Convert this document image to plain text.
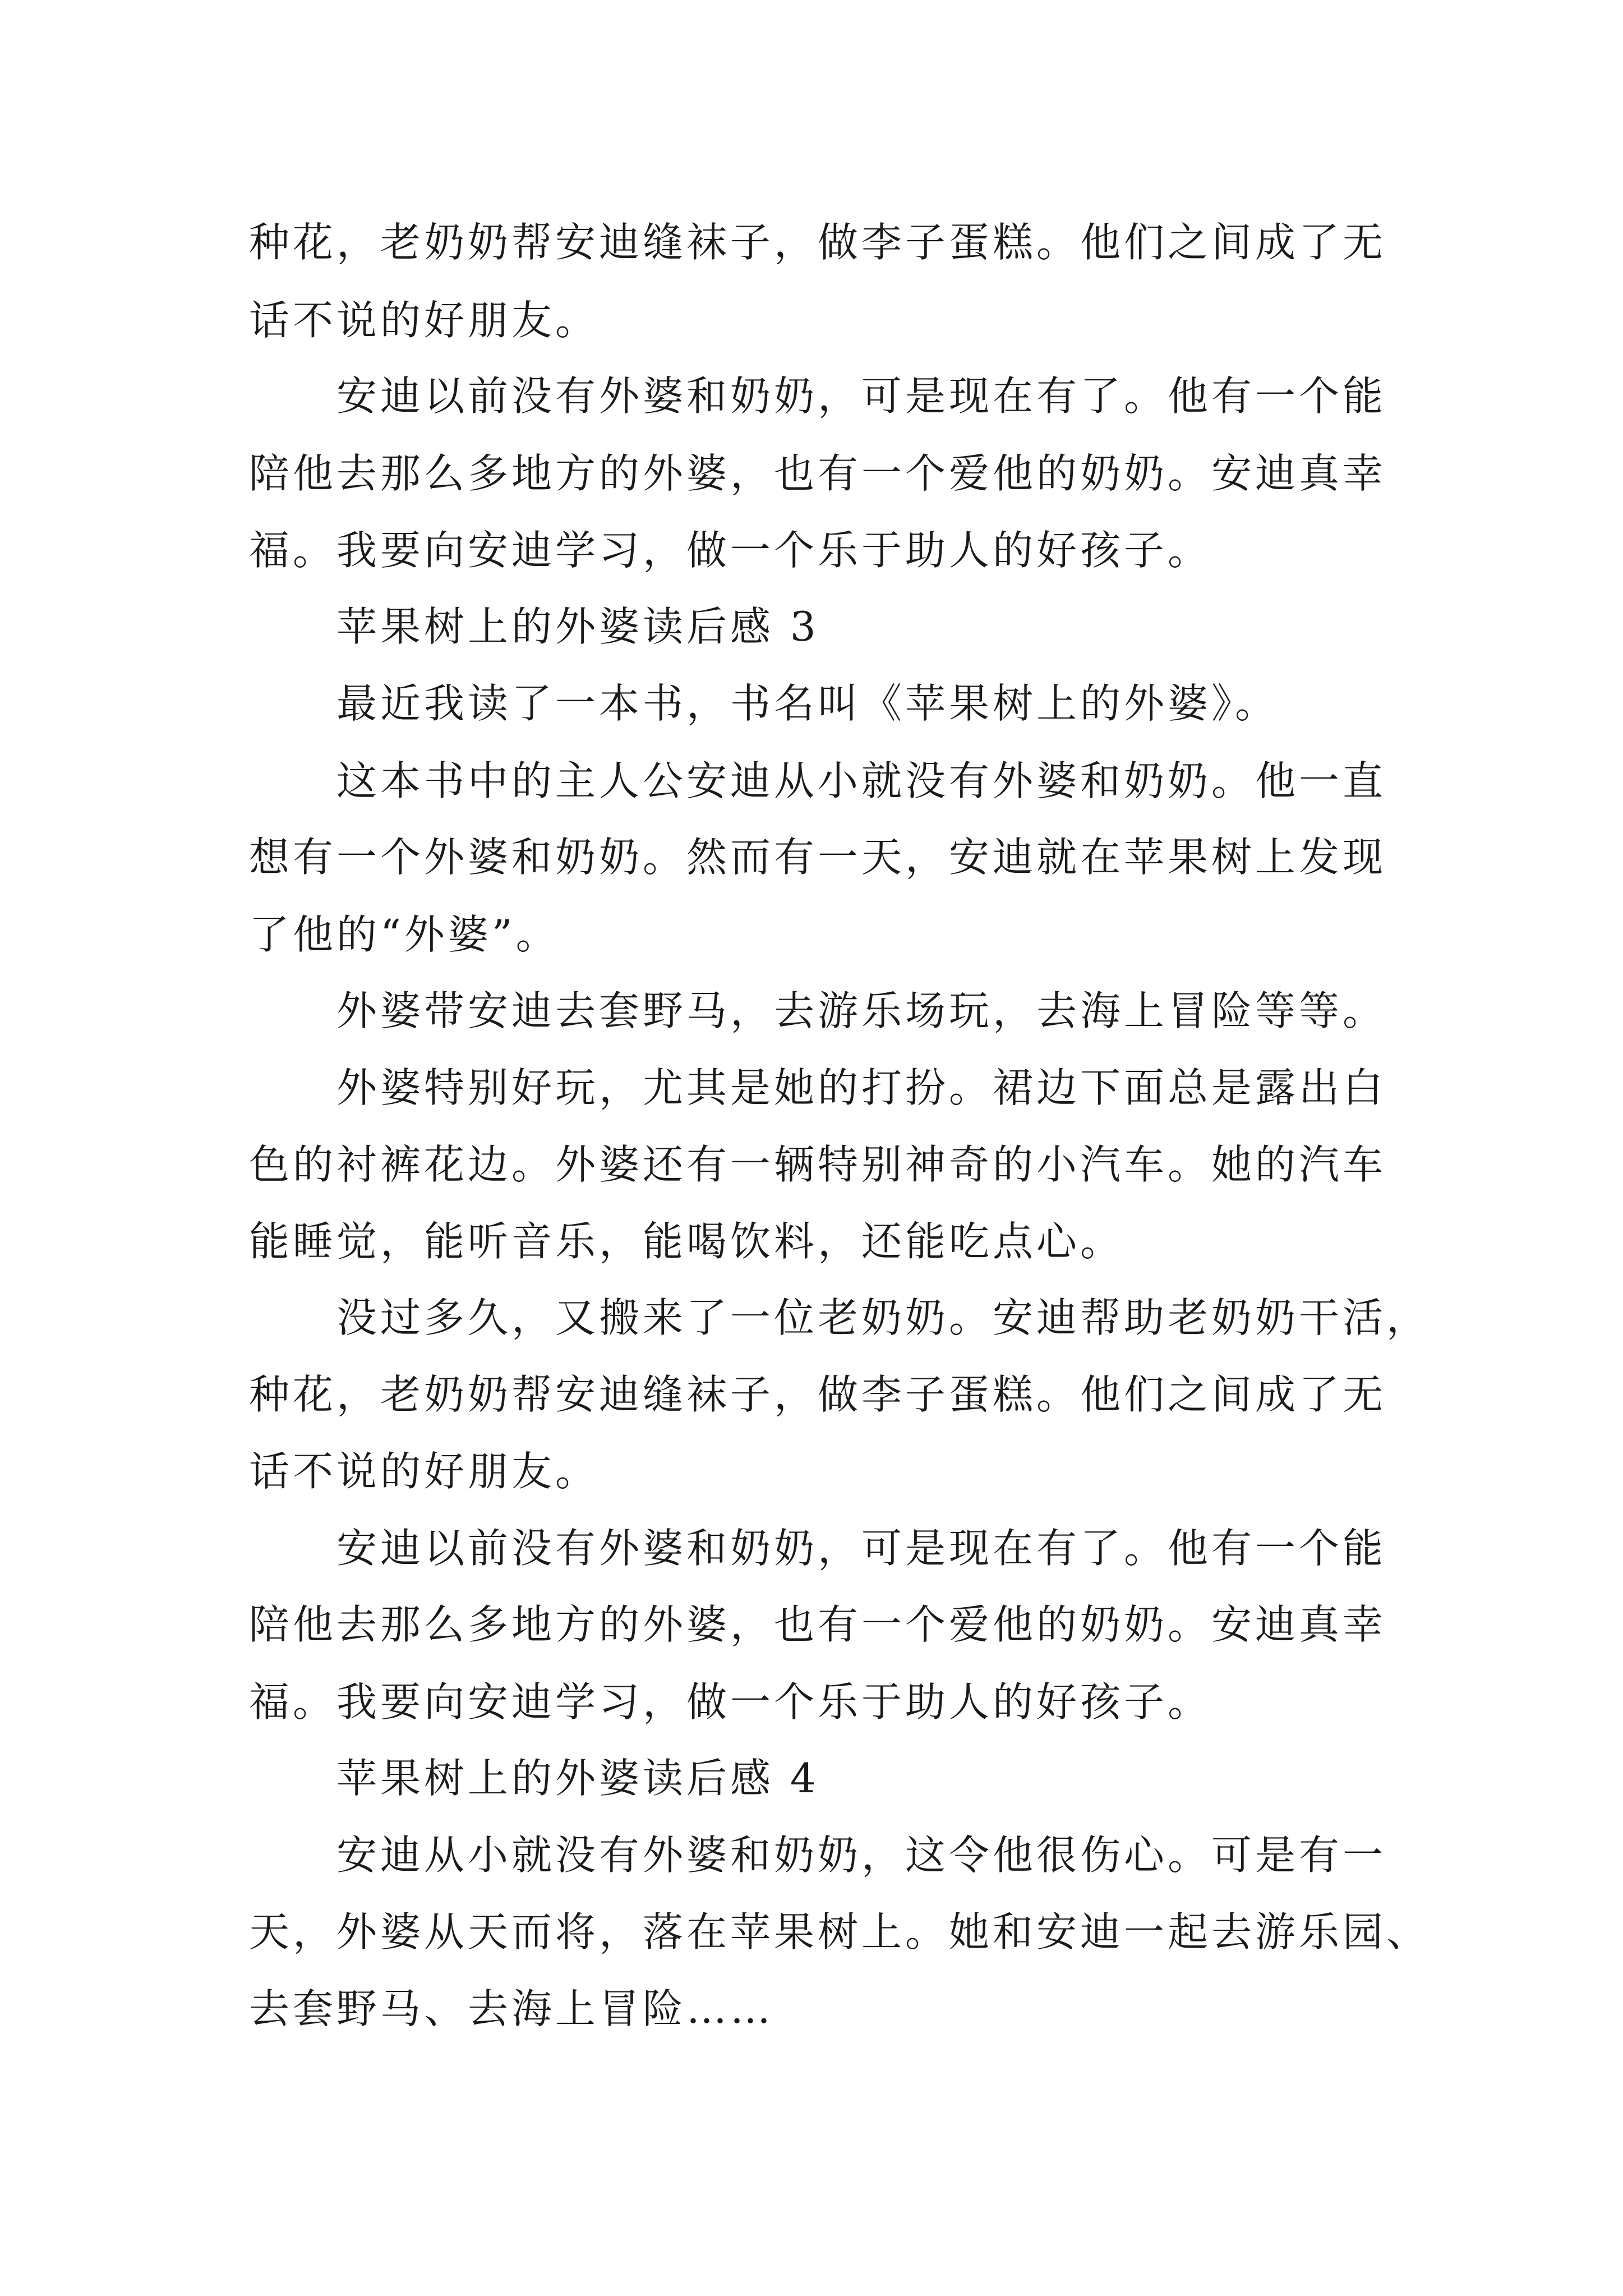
种花，老奶奶帮安迪缝袜子，做李子蛋糕。他们之间成了无
话不说的好朋友。
安迪以前没有外婆和奶奶，可是现在有了。他有一个能
陪他去那么多地方的外婆，也有一个爱他的奶奶。安迪真幸
福。我要向安迪学习，做一个乐于助人的好孩子。
苹果树上的外婆读后感 3
最近我读了一本书，书名叫《苹果树上的外婆》。
这本书中的主人公安迪从小就没有外婆和奶奶。他一直
想有一个外婆和奶奶。然而有一天，安迪就在苹果树上发现
了他的“外婆”。
外婆带安迪去套野马，去游乐场玩，去海上冒险等等。
外婆特别好玩，尤其是她的打扮。裙边下面总是露出白
色的衬裤花边。外婆还有一辆特别神奇的小汽车。她的汽车
能睡觉，能听音乐，能喝饮料，还能吃点心。
没过多久，又搬来了一位老奶奶。安迪帮助老奶奶干活，
种花，老奶奶帮安迪缝袜子，做李子蛋糕。他们之间成了无
话不说的好朋友。
安迪以前没有外婆和奶奶，可是现在有了。他有一个能
陪他去那么多地方的外婆，也有一个爱他的奶奶。安迪真幸
福。我要向安迪学习，做一个乐于助人的好孩子。
苹果树上的外婆读后感 4
安迪从小就没有外婆和奶奶，这令他很伤心。可是有一
天，外婆从天而将，落在苹果树上。她和安迪一起去游乐园、
去套野马、去海上冒险……
